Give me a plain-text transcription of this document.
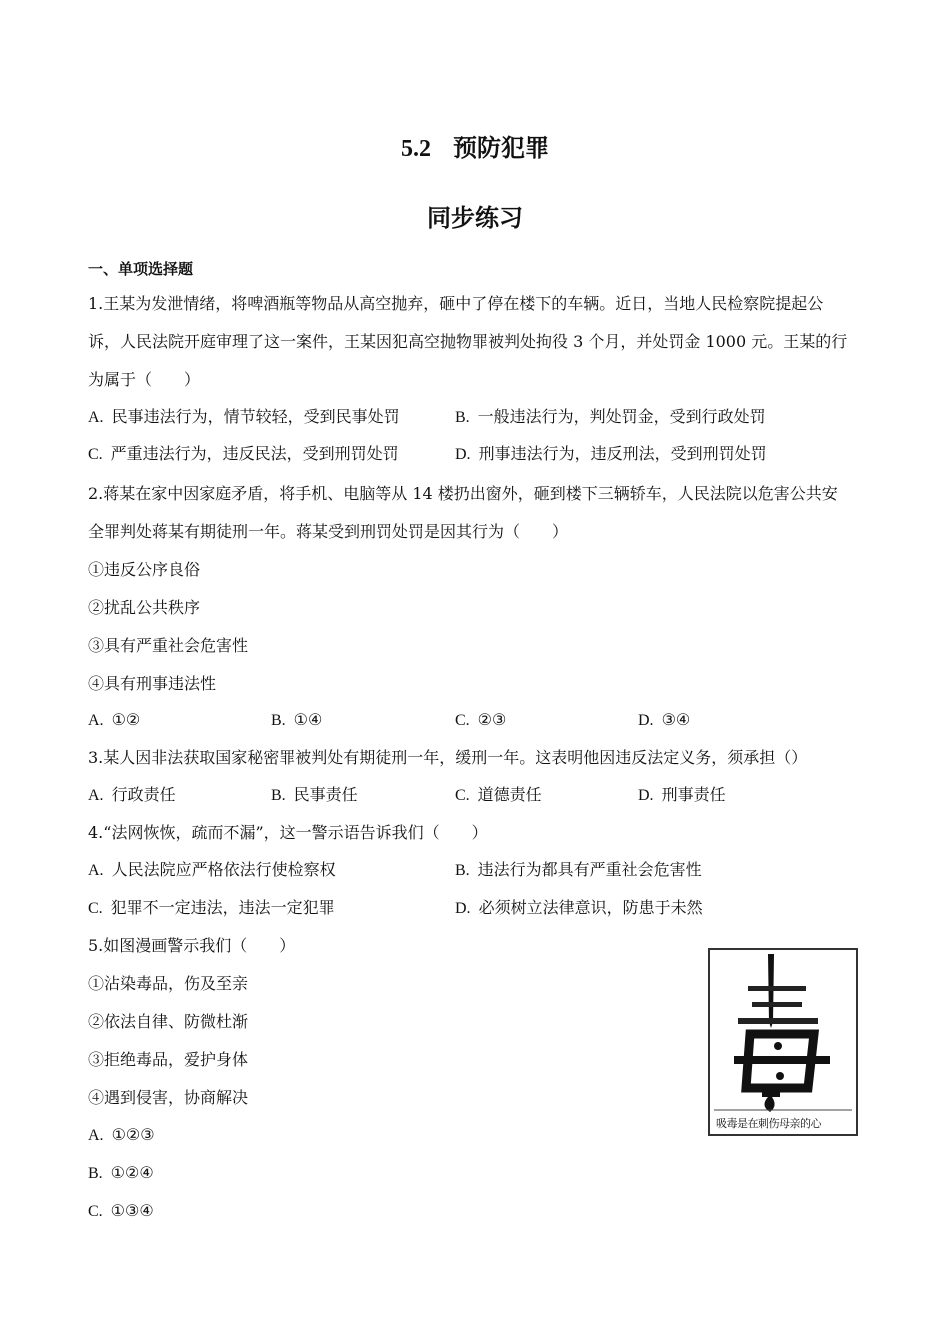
5.2 预防犯罪
同步练习
一、单项选择题
1.王某为发泄情绪，将啤酒瓶等物品从高空抛弃，砸中了停在楼下的车辆。近日，当地人民检察院提起公
诉，人民法院开庭审理了这一案件，王某因犯高空抛物罪被判处拘役 3 个月，并处罚金 1000 元。王某的行
为属于（　　）
A. 民事违法行为，情节较轻，受到民事处罚	B. 一般违法行为，判处罚金，受到行政处罚
C. 严重违法行为，违反民法，受到刑罚处罚	D. 刑事违法行为，违反刑法，受到刑罚处罚
2.蒋某在家中因家庭矛盾，将手机、电脑等从 14 楼扔出窗外，砸到楼下三辆轿车，人民法院以危害公共安
全罪判处蒋某有期徒刑一年。蒋某受到刑罚处罚是因其行为（　　）
①违反公序良俗
②扰乱公共秩序
③具有严重社会危害性
④具有刑事违法性
A. ①②	B. ①④	C. ②③	D. ③④
3.某人因非法获取国家秘密罪被判处有期徒刑一年，缓刑一年。这表明他因违反法定义务，须承担（）
A. 行政责任	B. 民事责任	C. 道德责任	D. 刑事责任
4.“法网恢恢，疏而不漏”，这一警示语告诉我们（　　）
A. 人民法院应严格依法行使检察权	B. 违法行为都具有严重社会危害性
C. 犯罪不一定违法，违法一定犯罪	D. 必须树立法律意识，防患于未然
5.如图漫画警示我们（　　）
①沾染毒品，伤及至亲
②依法自律、防微杜渐
③拒绝毒品，爱护身体
④遇到侵害，协商解决
A. ①②③
B. ①②④
C. ①③④
吸毒是在刺伤母亲的心
